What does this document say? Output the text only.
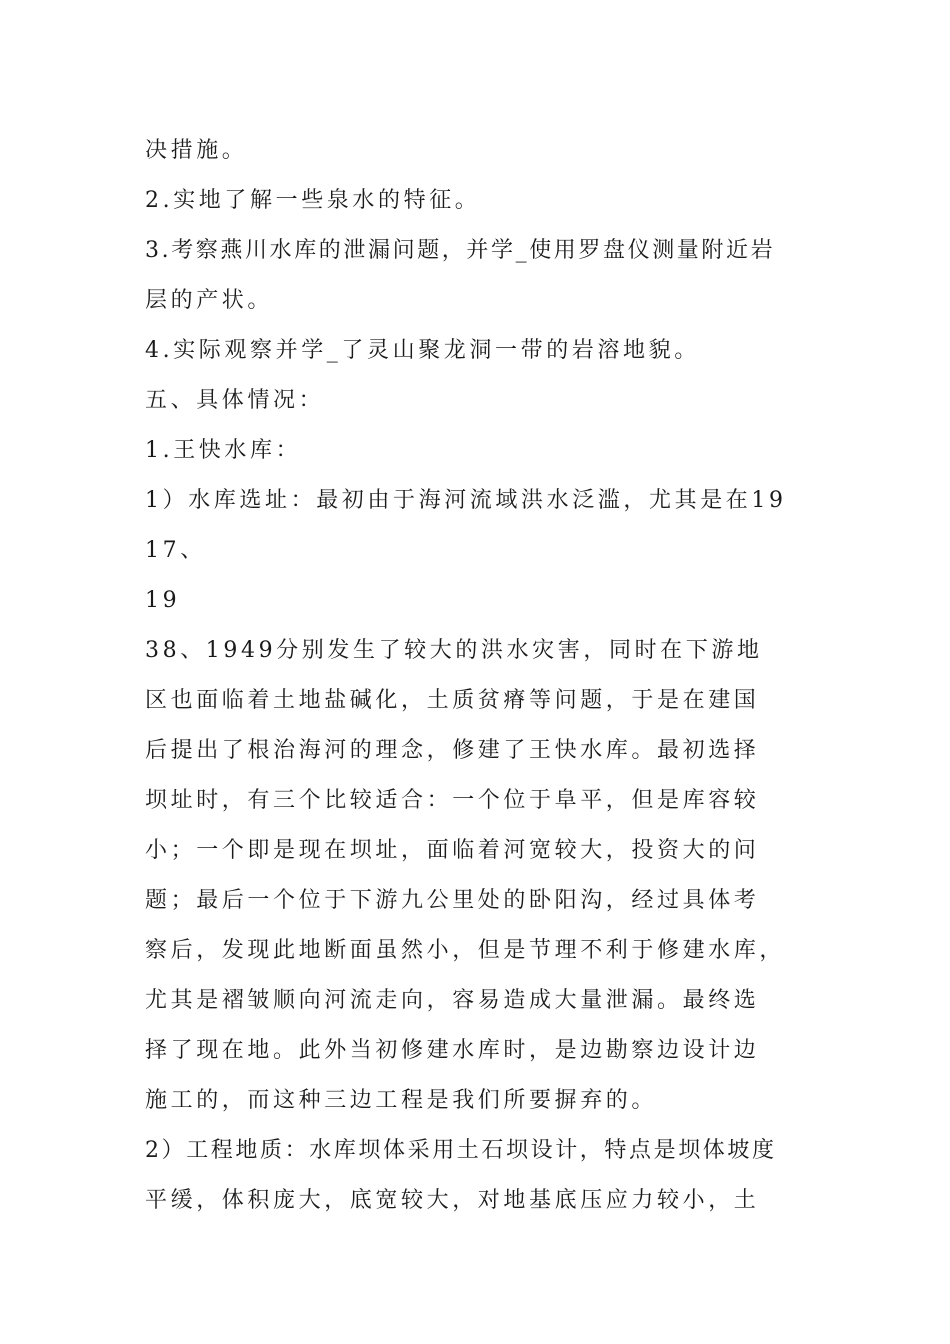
决措施。
2.实地了解一些泉水的特征。
3.考察燕川水库的泄漏问题，并学_使用罗盘仪测量附近岩
层的产状。
4.实际观察并学_了灵山聚龙洞一带的岩溶地貌。
五、具体情况：
1.王快水库：
1）水库选址：最初由于海河流域洪水泛滥，尤其是在19
17、
19
38、1949分别发生了较大的洪水灾害，同时在下游地
区也面临着土地盐碱化，土质贫瘠等问题，于是在建国
后提出了根治海河的理念，修建了王快水库。最初选择
坝址时，有三个比较适合：一个位于阜平，但是库容较
小；一个即是现在坝址，面临着河宽较大，投资大的问
题；最后一个位于下游九公里处的卧阳沟，经过具体考
察后，发现此地断面虽然小，但是节理不利于修建水库，
尤其是褶皱顺向河流走向，容易造成大量泄漏。最终选
择了现在地。此外当初修建水库时，是边勘察边设计边
施工的，而这种三边工程是我们所要摒弃的。
2）工程地质：水库坝体采用土石坝设计，特点是坝体坡度
平缓，体积庞大，底宽较大，对地基底压应力较小，土
